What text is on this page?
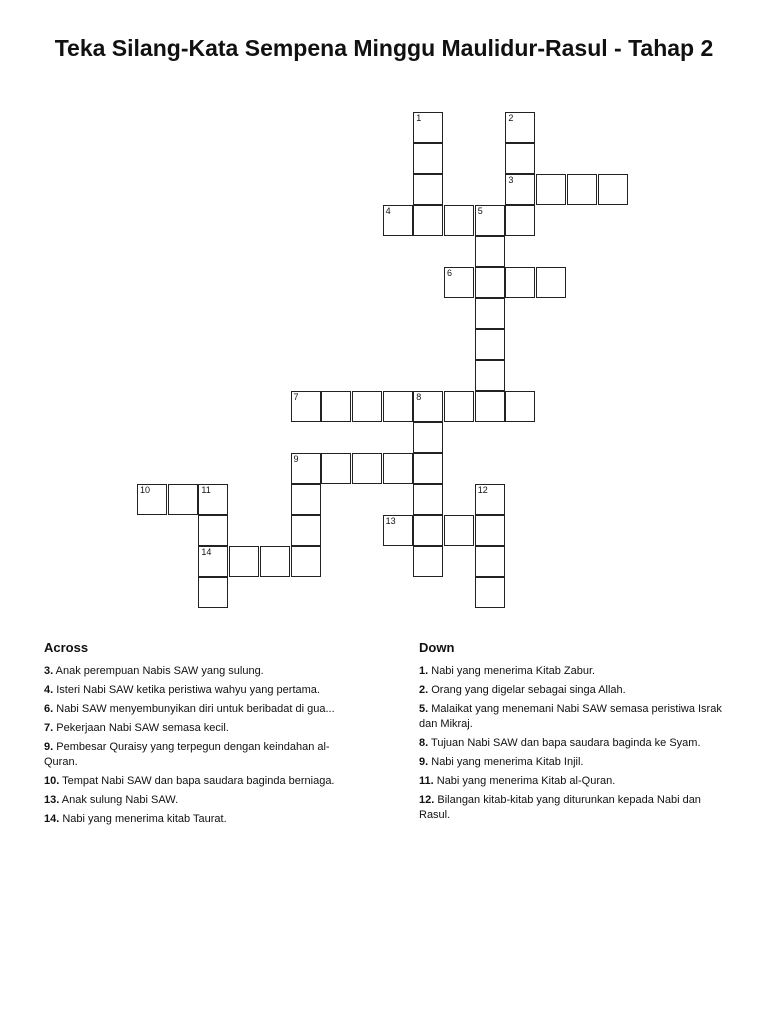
Teka Silang-Kata Sempena Minggu Maulidur-Rasul - Tahap 2
1	2
3
4	5
6
7	8
9
10	11	12
13
14
Across
3. Anak perempuan Nabis SAW yang sulung.
4. Isteri Nabi SAW ketika peristiwa wahyu yang pertama.
6. Nabi SAW menyembunyikan diri untuk beribadat di gua...
7. Pekerjaan Nabi SAW semasa kecil.
9. Pembesar Quraisy yang terpegun dengan keindahan al-Quran.
10. Tempat Nabi SAW dan bapa saudara baginda berniaga.
13. Anak sulung Nabi SAW.
14. Nabi yang menerima kitab Taurat.
Down
1. Nabi yang menerima Kitab Zabur.
2. Orang yang digelar sebagai singa Allah.
5. Malaikat yang menemani Nabi SAW semasa peristiwa Israk dan Mikraj.
8. Tujuan Nabi SAW dan bapa saudara baginda ke Syam.
9. Nabi yang menerima Kitab Injil.
11. Nabi yang menerima Kitab al-Quran.
12. Bilangan kitab-kitab yang diturunkan kepada Nabi dan Rasul.
